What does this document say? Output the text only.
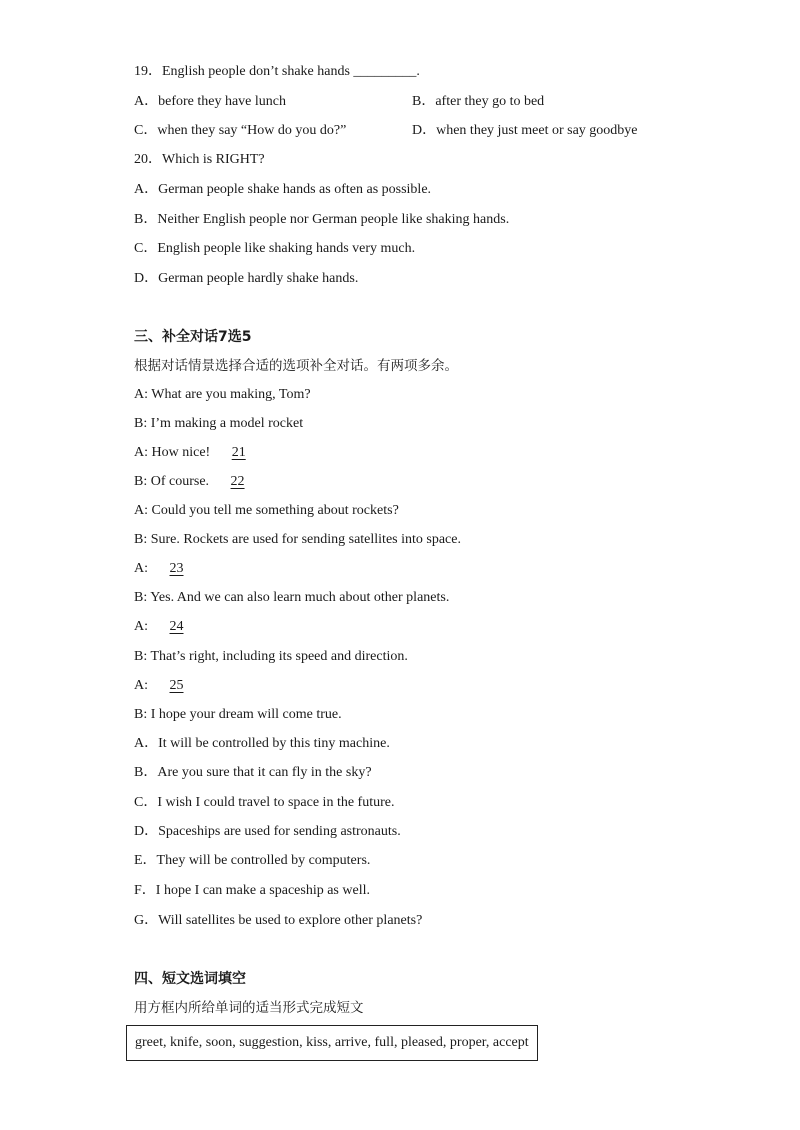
19．English people don’t shake hands _________.
A．before they have lunch	B．after they go to bed
C．when they say “How do you do?”	D．when they just meet or say goodbye
20．Which is RIGHT?
A．German people shake hands as often as possible.
B．Neither English people nor German people like shaking hands.
C．English people like shaking hands very much.
D．German people hardly shake hands.
三、补全对话7选5
根据对话情景选择合适的选项补全对话。有两项多余。
A: What are you making, Tom?
B: I’m making a model rocket
A: How nice! 21
B: Of course. 22
A: Could you tell me something about rockets?
B: Sure. Rockets are used for sending satellites into space.
A: 23
B: Yes. And we can also learn much about other planets.
A: 24
B: That’s right, including its speed and direction.
A: 25
B: I hope your dream will come true.
A．It will be controlled by this tiny machine.
B．Are you sure that it can fly in the sky?
C．I wish I could travel to space in the future.
D．Spaceships are used for sending astronauts.
E．They will be controlled by computers.
F．I hope I can make a spaceship as well.
G．Will satellites be used to explore other planets?
四、短文选词填空
用方框内所给单词的适当形式完成短文
greet, knife, soon, suggestion, kiss, arrive, full, pleased, proper, accept
